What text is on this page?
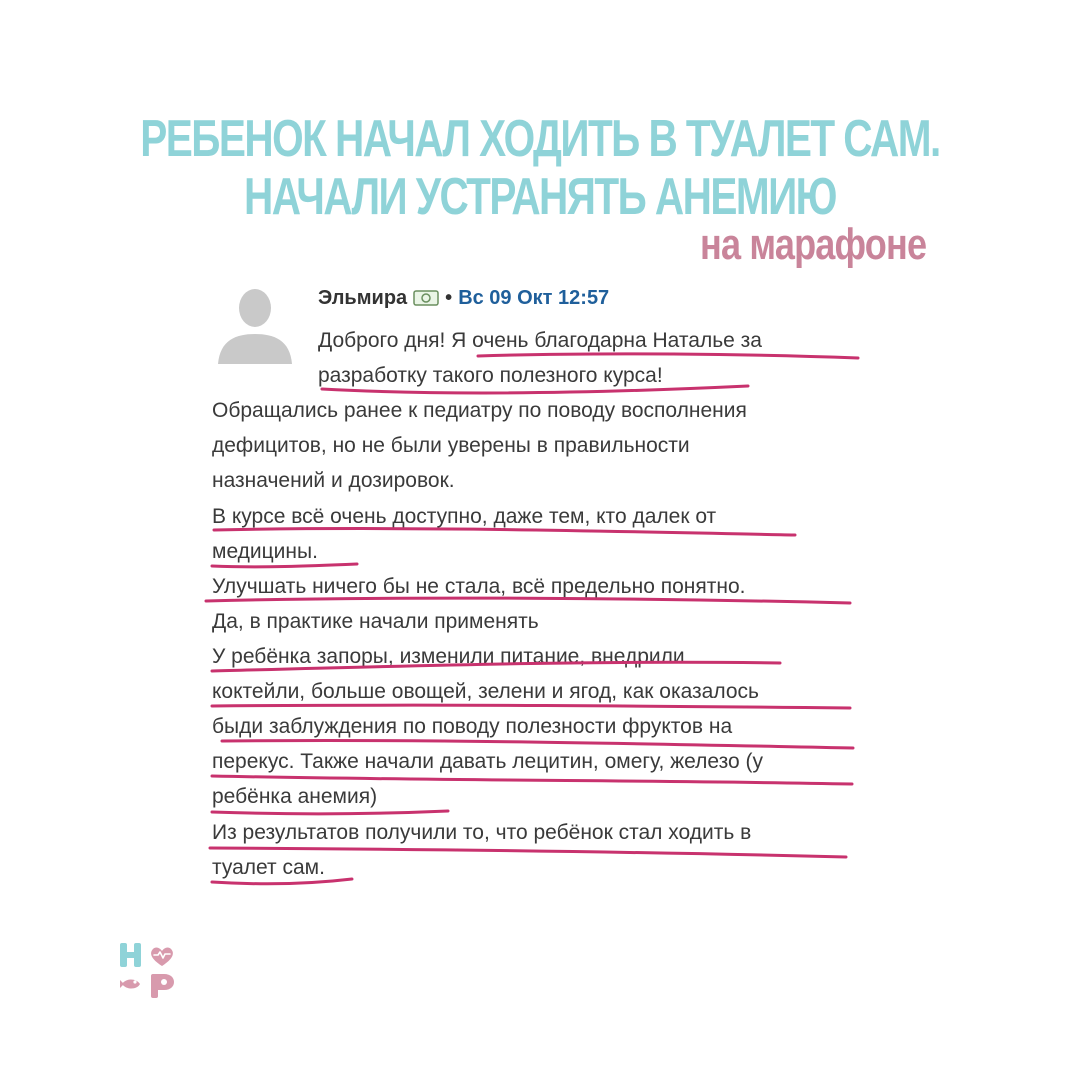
РЕБЕНОК НАЧАЛ ХОДИТЬ В ТУАЛЕТ САМ.
НАЧАЛИ УСТРАНЯТЬ АНЕМИЮ
на марафоне
Эльмира • Вс 09 Окт 12:57
Доброго дня! Я очень благодарна Наталье за
разработку такого полезного курса!
Обращались ранее к педиатру по поводу восполнения
дефицитов, но не были уверены в правильности
назначений и дозировок.
В курсе всё очень доступно, даже тем, кто далек от
медицины.
Улучшать ничего бы не стала, всё предельно понятно.
Да, в практике начали применять
У ребёнка запоры, изменили питание, внедрили
коктейли, больше овощей, зелени и ягод, как оказалось
быди заблуждения по поводу полезности фруктов на
перекус. Также начали давать лецитин, омегу, железо (у
ребёнка анемия)
Из результатов получили то, что ребёнок стал ходить в
туалет сам.
